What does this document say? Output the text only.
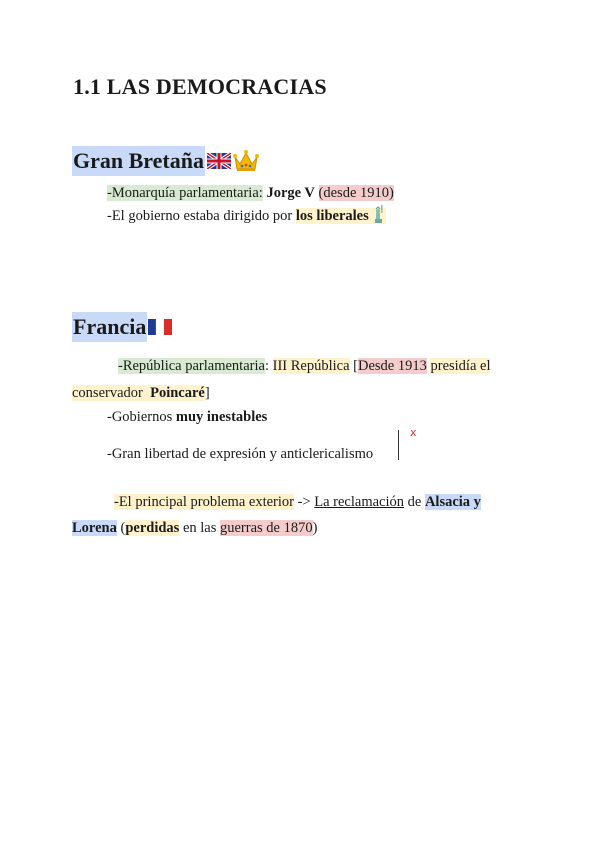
1.1 LAS DEMOCRACIAS
Gran Bretaña
-Monarquía parlamentaria: Jorge V (desde 1910)
-El gobierno estaba dirigido por los liberales
Francia
-República parlamentaria: III República [Desde 1913 presidía el
conservador Poincaré]
-Gobiernos muy inestables
-Gran libertad de expresión y anticlericalismo
x
-El principal problema exterior -> La reclamación de Alsacia y
Lorena (perdidas en las guerras de 1870)
